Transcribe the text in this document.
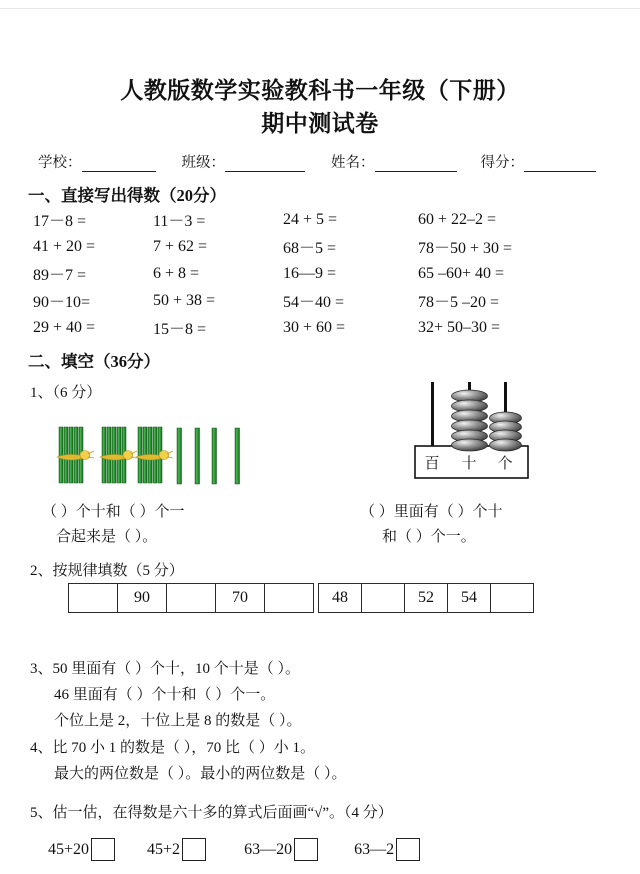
人教版数学实验教科书一年级（下册）
期中测试卷
学校：	班级：	姓名：	得分：
一、直接写出得数（20分）
17－8 =	11－3 =	24 + 5 =	60 + 22–2 =
41 + 20 =	7 + 62 =	68－5 =	78－50 + 30 =
89－7 =	6 + 8 =	16—9 =	65 –60+ 40 =
90－10=	50 + 38 =	54－40 =	78－5 –20 =
29 + 40 =	15－8 =	30 + 60 =	32+ 50–30 =
二、填空（36分）
1、（6 分）
百 十 个
（ ）个十和（ ）个一
合起来是（ ）。
（ ）里面有（ ）个十
和（ ）个一。
2、按规律填数（5 分）
	90		70		48		52	54	
3、50 里面有（ ）个十，10 个十是（ ）。
46 里面有（ ）个十和（ ）个一。
个位上是 2，十位上是 8 的数是（ ）。
4、比 70 小 1 的数是（ ），70 比（ ）小 1。
最大的两位数是（ ）。最小的两位数是（ ）。
5、估一估，在得数是六十多的算式后面画“√”。（4 分）
45+20	45+2	63—20	63—2
